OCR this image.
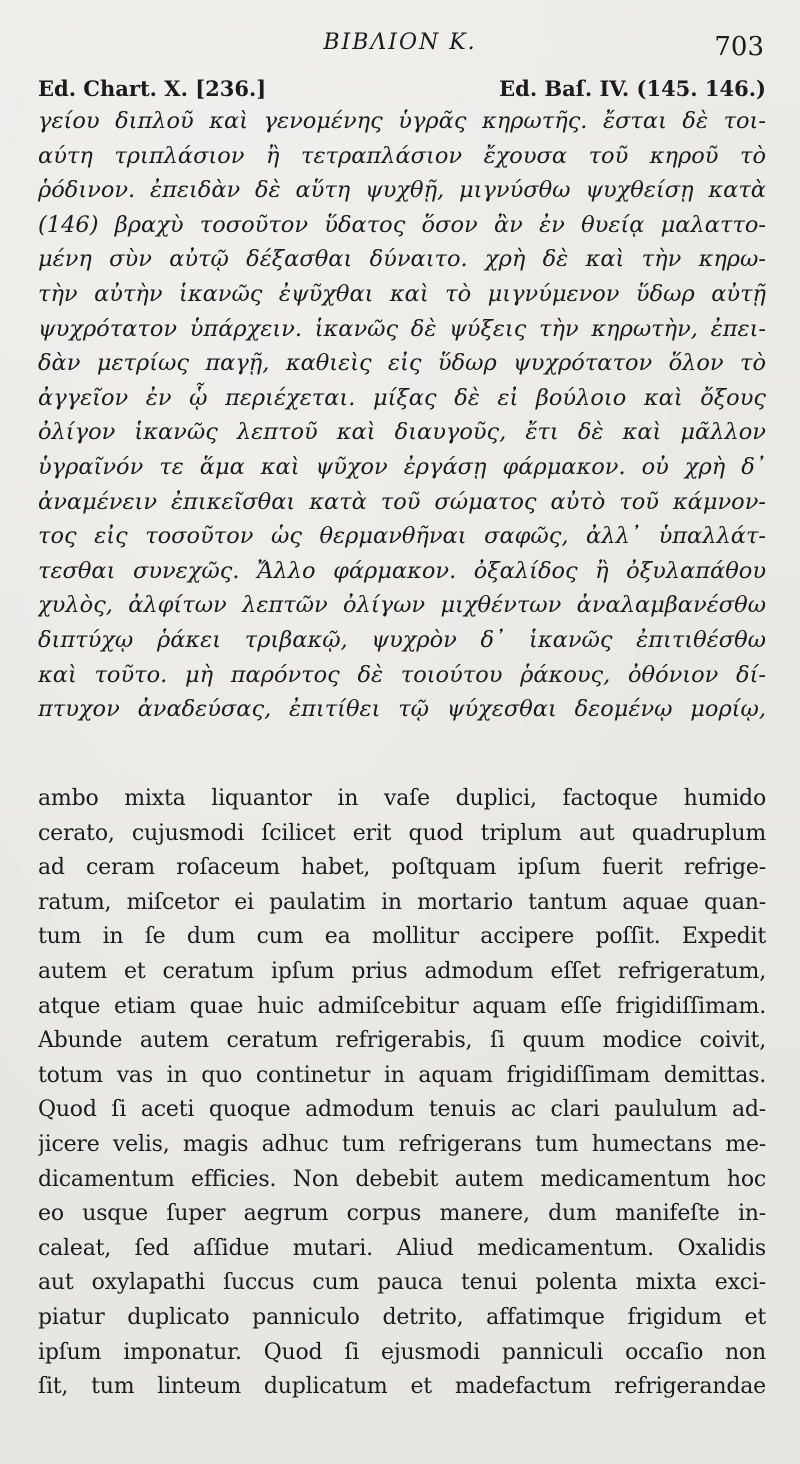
BIBΛΙΟΝ K.	703
Ed. Chart. X. [236.]	Ed. Baſ. IV. (145. 146.)
γείου διπλοῦ καὶ γενομένης ὑγρᾶς κηρωτῆς. ἔσται δὲ τοι-
αύτη τριπλάσιον ἢ τετραπλάσιον ἔχουσα τοῦ κηροῦ τὸ
ῥόδινον. ἐπειδὰν δὲ αὕτη ψυχθῇ, μιγνύσθω ψυχθείσῃ κατὰ
(146) βραχὺ τοσοῦτον ὕδατος ὅσον ἂν ἐν θυείᾳ μαλαττο-
μένη σὺν αὐτῷ δέξασθαι δύναιτο. χρὴ δὲ καὶ τὴν κηρω-
τὴν αὐτὴν ἱκανῶς ἐψῦχθαι καὶ τὸ μιγνύμενον ὕδωρ αὐτῇ
ψυχρότατον ὑπάρχειν. ἱκανῶς δὲ ψύξεις τὴν κηρωτὴν, ἐπει-
δὰν μετρίως παγῇ, καθιεὶς εἰς ὕδωρ ψυχρότατον ὅλον τὸ
ἀγγεῖον ἐν ᾧ περιέχεται. μίξας δὲ εἰ βούλοιο καὶ ὄξους
ὀλίγον ἱκανῶς λεπτοῦ καὶ διαυγοῦς, ἔτι δὲ καὶ μᾶλλον
ὑγραῖνόν τε ἅμα καὶ ψῦχον ἐργάσῃ φάρμακον. οὐ χρὴ δ᾽
ἀναμένειν ἐπικεῖσθαι κατὰ τοῦ σώματος αὐτὸ τοῦ κάμνον-
τος εἰς τοσοῦτον ὡς θερμανθῆναι σαφῶς, ἀλλ᾽ ὑπαλλάτ-
τεσθαι συνεχῶς. Ἄλλο φάρμακον. ὀξαλίδος ἢ ὀξυλαπάθου
χυλὸς, ἀλφίτων λεπτῶν ὀλίγων μιχθέντων ἀναλαμβανέσθω
διπτύχῳ ῥάκει τριβακῷ, ψυχρὸν δ᾽ ἱκανῶς ἐπιτιθέσθω
καὶ τοῦτο. μὴ παρόντος δὲ τοιούτου ῥάκους, ὀθόνιον δί-
πτυχον ἀναδεύσας, ἐπιτίθει τῷ ψύχεσθαι δεομένῳ μορίῳ,
ambo mixta liquantor in vaſe duplici, factoque humido
cerato, cujusmodi ſcilicet erit quod triplum aut quadruplum
ad ceram roſaceum habet, poſtquam ipſum fuerit refrige-
ratum, miſcetor ei paulatim in mortario tantum aquae quan-
tum in ſe dum cum ea mollitur accipere poſſit. Expedit
autem et ceratum ipſum prius admodum eſſet refrigeratum,
atque etiam quae huic admiſcebitur aquam eſſe frigidiſſimam.
Abunde autem ceratum refrigerabis, ſi quum modice coivit,
totum vas in quo continetur in aquam frigidiſſimam demittas.
Quod ſi aceti quoque admodum tenuis ac clari paululum ad-
jicere velis, magis adhuc tum refrigerans tum humectans me-
dicamentum efficies. Non debebit autem medicamentum hoc
eo usque ſuper aegrum corpus manere, dum manifeſte in-
caleat, ſed aſſidue mutari. Aliud medicamentum. Oxalidis
aut oxylapathi ſuccus cum pauca tenui polenta mixta exci-
piatur duplicato panniculo detrito, affatimque frigidum et
ipſum imponatur. Quod ſi ejusmodi panniculi occaſio non
ſit, tum linteum duplicatum et madefactum refrigerandae
